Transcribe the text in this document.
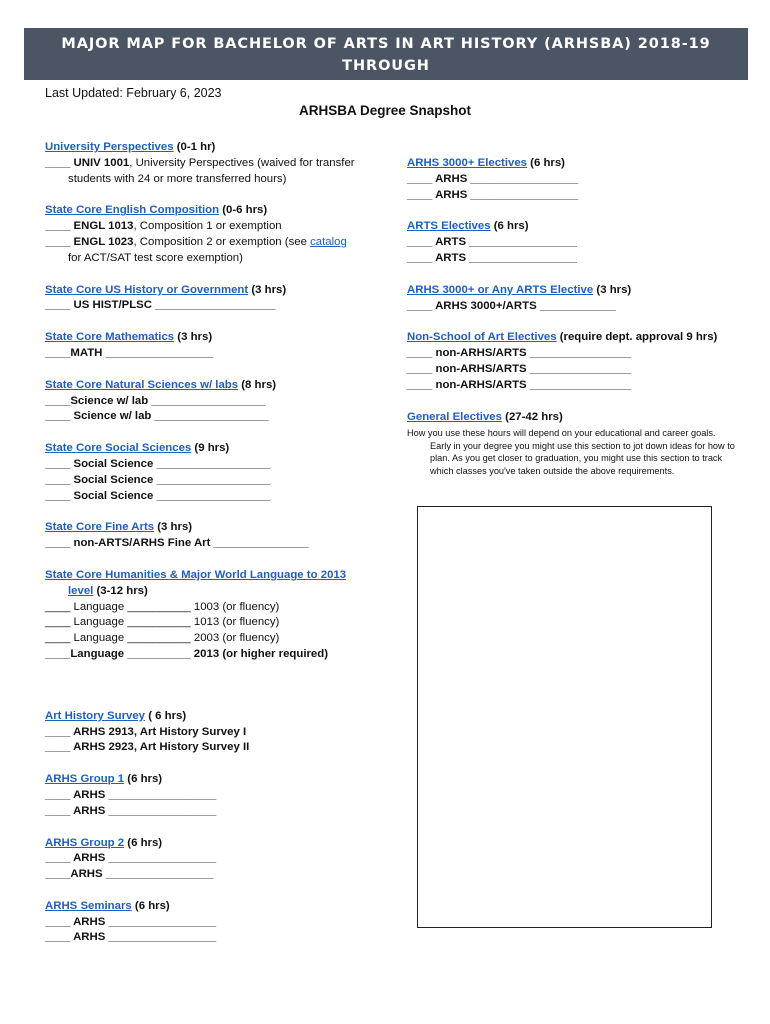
MAJOR MAP FOR BACHELOR OF ARTS IN ART HISTORY (ARHSBA) 2018-19 THROUGH
2022-23 CATALOG YEARS
Last Updated: February 6, 2023
ARHSBA Degree Snapshot
University Perspectives (0-1 hr)
____ UNIV 1001, University Perspectives (waived for transfer
students with 24 or more transferred hours)
State Core English Composition (0-6 hrs)
____ ENGL 1013, Composition 1 or exemption
____ ENGL 1023, Composition 2 or exemption (see catalog
for ACT/SAT test score exemption)
State Core US History or Government (3 hrs)
____ US HIST/PLSC ___________________
State Core Mathematics (3 hrs)
____MATH _________________
State Core Natural Sciences w/ labs (8 hrs)
____Science w/ lab __________________
____ Science w/ lab __________________
State Core Social Sciences (9 hrs)
____ Social Science __________________
____ Social Science __________________
____ Social Science __________________
State Core Fine Arts (3 hrs)
____ non-ARTS/ARHS Fine Art _______________
State Core Humanities & Major World Language to 2013
level (3-12 hrs)
____ Language __________ 1003 (or fluency)
____ Language __________ 1013 (or fluency)
____ Language __________ 2003 (or fluency)
____Language __________ 2013 (or higher required)
Art History Survey ( 6 hrs)
____ ARHS 2913, Art History Survey I
____ ARHS 2923, Art History Survey II
ARHS Group 1 (6 hrs)
____ ARHS _________________
____ ARHS _________________
ARHS Group 2 (6 hrs)
____ ARHS _________________
____ARHS _________________
ARHS Seminars (6 hrs)
____ ARHS _________________
____ ARHS _________________
ARHS 3000+ Electives (6 hrs)
____ ARHS _________________
____ ARHS _________________
ARTS Electives (6 hrs)
____ ARTS _________________
____ ARTS _________________
ARHS 3000+ or Any ARTS Elective (3 hrs)
____ ARHS 3000+/ARTS ____________
Non-School of Art Electives (require dept. approval 9 hrs)
____ non-ARHS/ARTS ________________
____ non-ARHS/ARTS ________________
____ non-ARHS/ARTS ________________
General Electives (27-42 hrs)
How you use these hours will depend on your educational and career goals.
Early in your degree you might use this section to jot down ideas for how to plan. As you get closer to graduation, you might use this section to track which classes you've taken outside the above requirements.
